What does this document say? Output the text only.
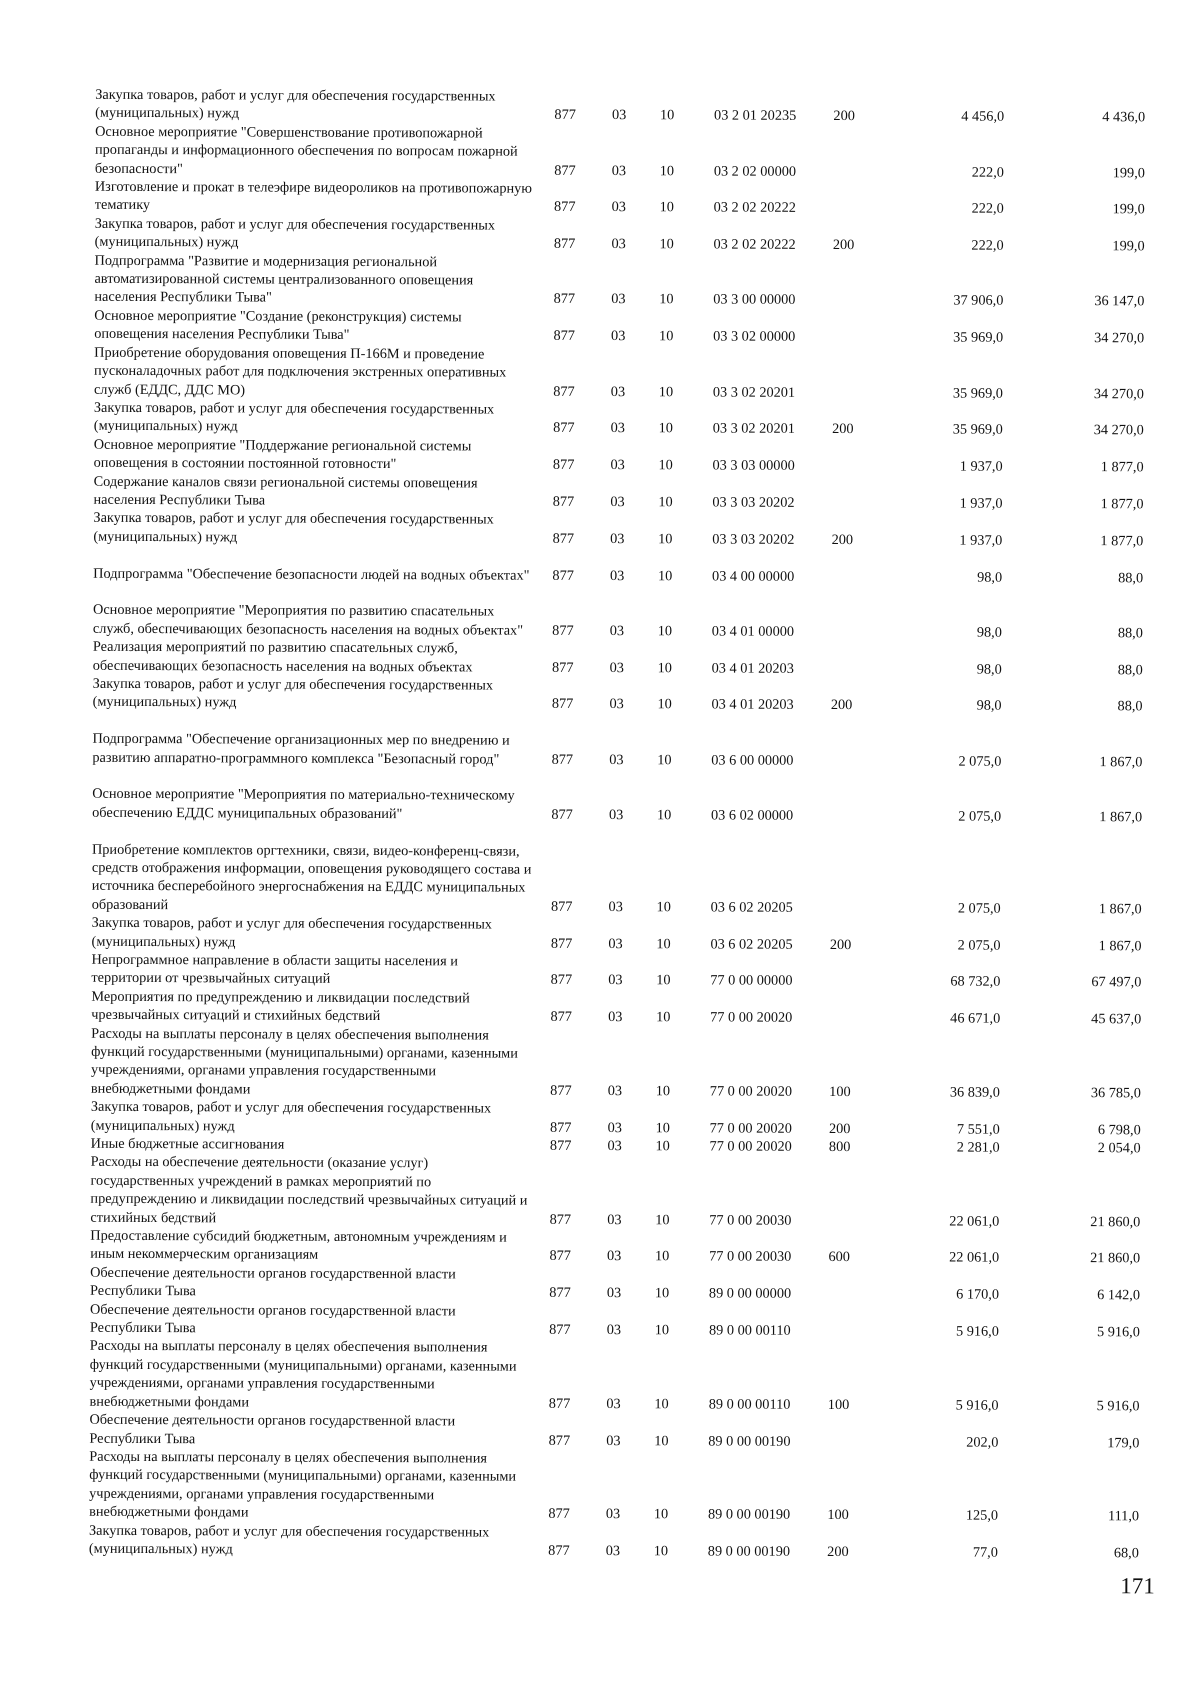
Закупка товаров, работ и услуг для обеспечения государственных (муниципальных) нужд	877	03	10	03 2 01 20235	200	4 456,0	4 436,0
Основное мероприятие "Совершенствование противопожарной пропаганды и информационного обеспечения по вопросам пожарной безопасности"	877	03	10	03 2 02 00000		222,0	199,0
Изготовление и прокат в телеэфире видеороликов на противопожарную тематику	877	03	10	03 2 02 20222		222,0	199,0
Закупка товаров, работ и услуг для обеспечения государственных (муниципальных) нужд	877	03	10	03 2 02 20222	200	222,0	199,0
Подпрограмма "Развитие и модернизация региональной автоматизированной системы централизованного оповещения населения Республики Тыва"	877	03	10	03 3 00 00000		37 906,0	36 147,0
Основное мероприятие "Создание (реконструкция) системы оповещения населения Республики Тыва"	877	03	10	03 3 02 00000		35 969,0	34 270,0
Приобретение оборудования оповещения П-166М и проведение пусконаладочных работ для подключения экстренных оперативных служб (ЕДДС, ДДС МО)	877	03	10	03 3 02 20201		35 969,0	34 270,0
Закупка товаров, работ и услуг для обеспечения государственных (муниципальных) нужд	877	03	10	03 3 02 20201	200	35 969,0	34 270,0
Основное мероприятие "Поддержание региональной системы оповещения в состоянии постоянной готовности"	877	03	10	03 3 03 00000		1 937,0	1 877,0
Содержание каналов связи региональной системы оповещения населения Республики Тыва	877	03	10	03 3 03 20202		1 937,0	1 877,0
Закупка товаров, работ и услуг для обеспечения государственных (муниципальных) нужд	877	03	10	03 3 03 20202	200	1 937,0	1 877,0
Подпрограмма "Обеспечение безопасности людей на водных объектах"	877	03	10	03 4 00 00000		98,0	88,0
Основное мероприятие "Мероприятия по развитию спасательных служб, обеспечивающих безопасность населения на водных объектах"	877	03	10	03 4 01 00000		98,0	88,0
Реализация мероприятий по развитию спасательных служб, обеспечивающих безопасность населения на водных объектах	877	03	10	03 4 01 20203		98,0	88,0
Закупка товаров, работ и услуг для обеспечения государственных (муниципальных) нужд	877	03	10	03 4 01 20203	200	98,0	88,0
Подпрограмма "Обеспечение организационных мер по внедрению и развитию аппаратно-программного комплекса "Безопасный город"	877	03	10	03 6 00 00000		2 075,0	1 867,0
Основное мероприятие "Мероприятия по материально-техническому обеспечению ЕДДС муниципальных образований"	877	03	10	03 6 02 00000		2 075,0	1 867,0
Приобретение комплектов оргтехники, связи, видео-конференц-связи, средств отображения информации, оповещения руководящего состава и источника бесперебойного энергоснабжения на ЕДДС муниципальных образований	877	03	10	03 6 02 20205		2 075,0	1 867,0
Закупка товаров, работ и услуг для обеспечения государственных (муниципальных) нужд	877	03	10	03 6 02 20205	200	2 075,0	1 867,0
Непрограммное направление в области защиты населения и территории от чрезвычайных ситуаций	877	03	10	77 0 00 00000		68 732,0	67 497,0
Мероприятия по предупреждению и ликвидации последствий чрезвычайных ситуаций и стихийных бедствий	877	03	10	77 0 00 20020		46 671,0	45 637,0
Расходы на выплаты персоналу в целях обеспечения выполнения функций государственными (муниципальными) органами, казенными учреждениями, органами управления государственными внебюджетными фондами	877	03	10	77 0 00 20020	100	36 839,0	36 785,0
Закупка товаров, работ и услуг для обеспечения государственных (муниципальных) нужд	877	03	10	77 0 00 20020	200	7 551,0	6 798,0
Иные бюджетные ассигнования	877	03	10	77 0 00 20020	800	2 281,0	2 054,0
Расходы на обеспечение деятельности (оказание услуг) государственных учреждений в рамках мероприятий по предупреждению и ликвидации последствий чрезвычайных ситуаций и стихийных бедствий	877	03	10	77 0 00 20030		22 061,0	21 860,0
Предоставление субсидий бюджетным, автономным учреждениям и иным некоммерческим организациям	877	03	10	77 0 00 20030	600	22 061,0	21 860,0
Обеспечение деятельности органов государственной власти Республики Тыва	877	03	10	89 0 00 00000		6 170,0	6 142,0
Обеспечение деятельности органов государственной власти Республики Тыва	877	03	10	89 0 00 00110		5 916,0	5 916,0
Расходы на выплаты персоналу в целях обеспечения выполнения функций государственными (муниципальными) органами, казенными учреждениями, органами управления государственными внебюджетными фондами	877	03	10	89 0 00 00110	100	5 916,0	5 916,0
Обеспечение деятельности органов государственной власти Республики Тыва	877	03	10	89 0 00 00190		202,0	179,0
Расходы на выплаты персоналу в целях обеспечения выполнения функций государственными (муниципальными) органами, казенными учреждениями, органами управления государственными внебюджетными фондами	877	03	10	89 0 00 00190	100	125,0	111,0
Закупка товаров, работ и услуг для обеспечения государственных (муниципальных) нужд	877	03	10	89 0 00 00190	200	77,0	68,0
171
